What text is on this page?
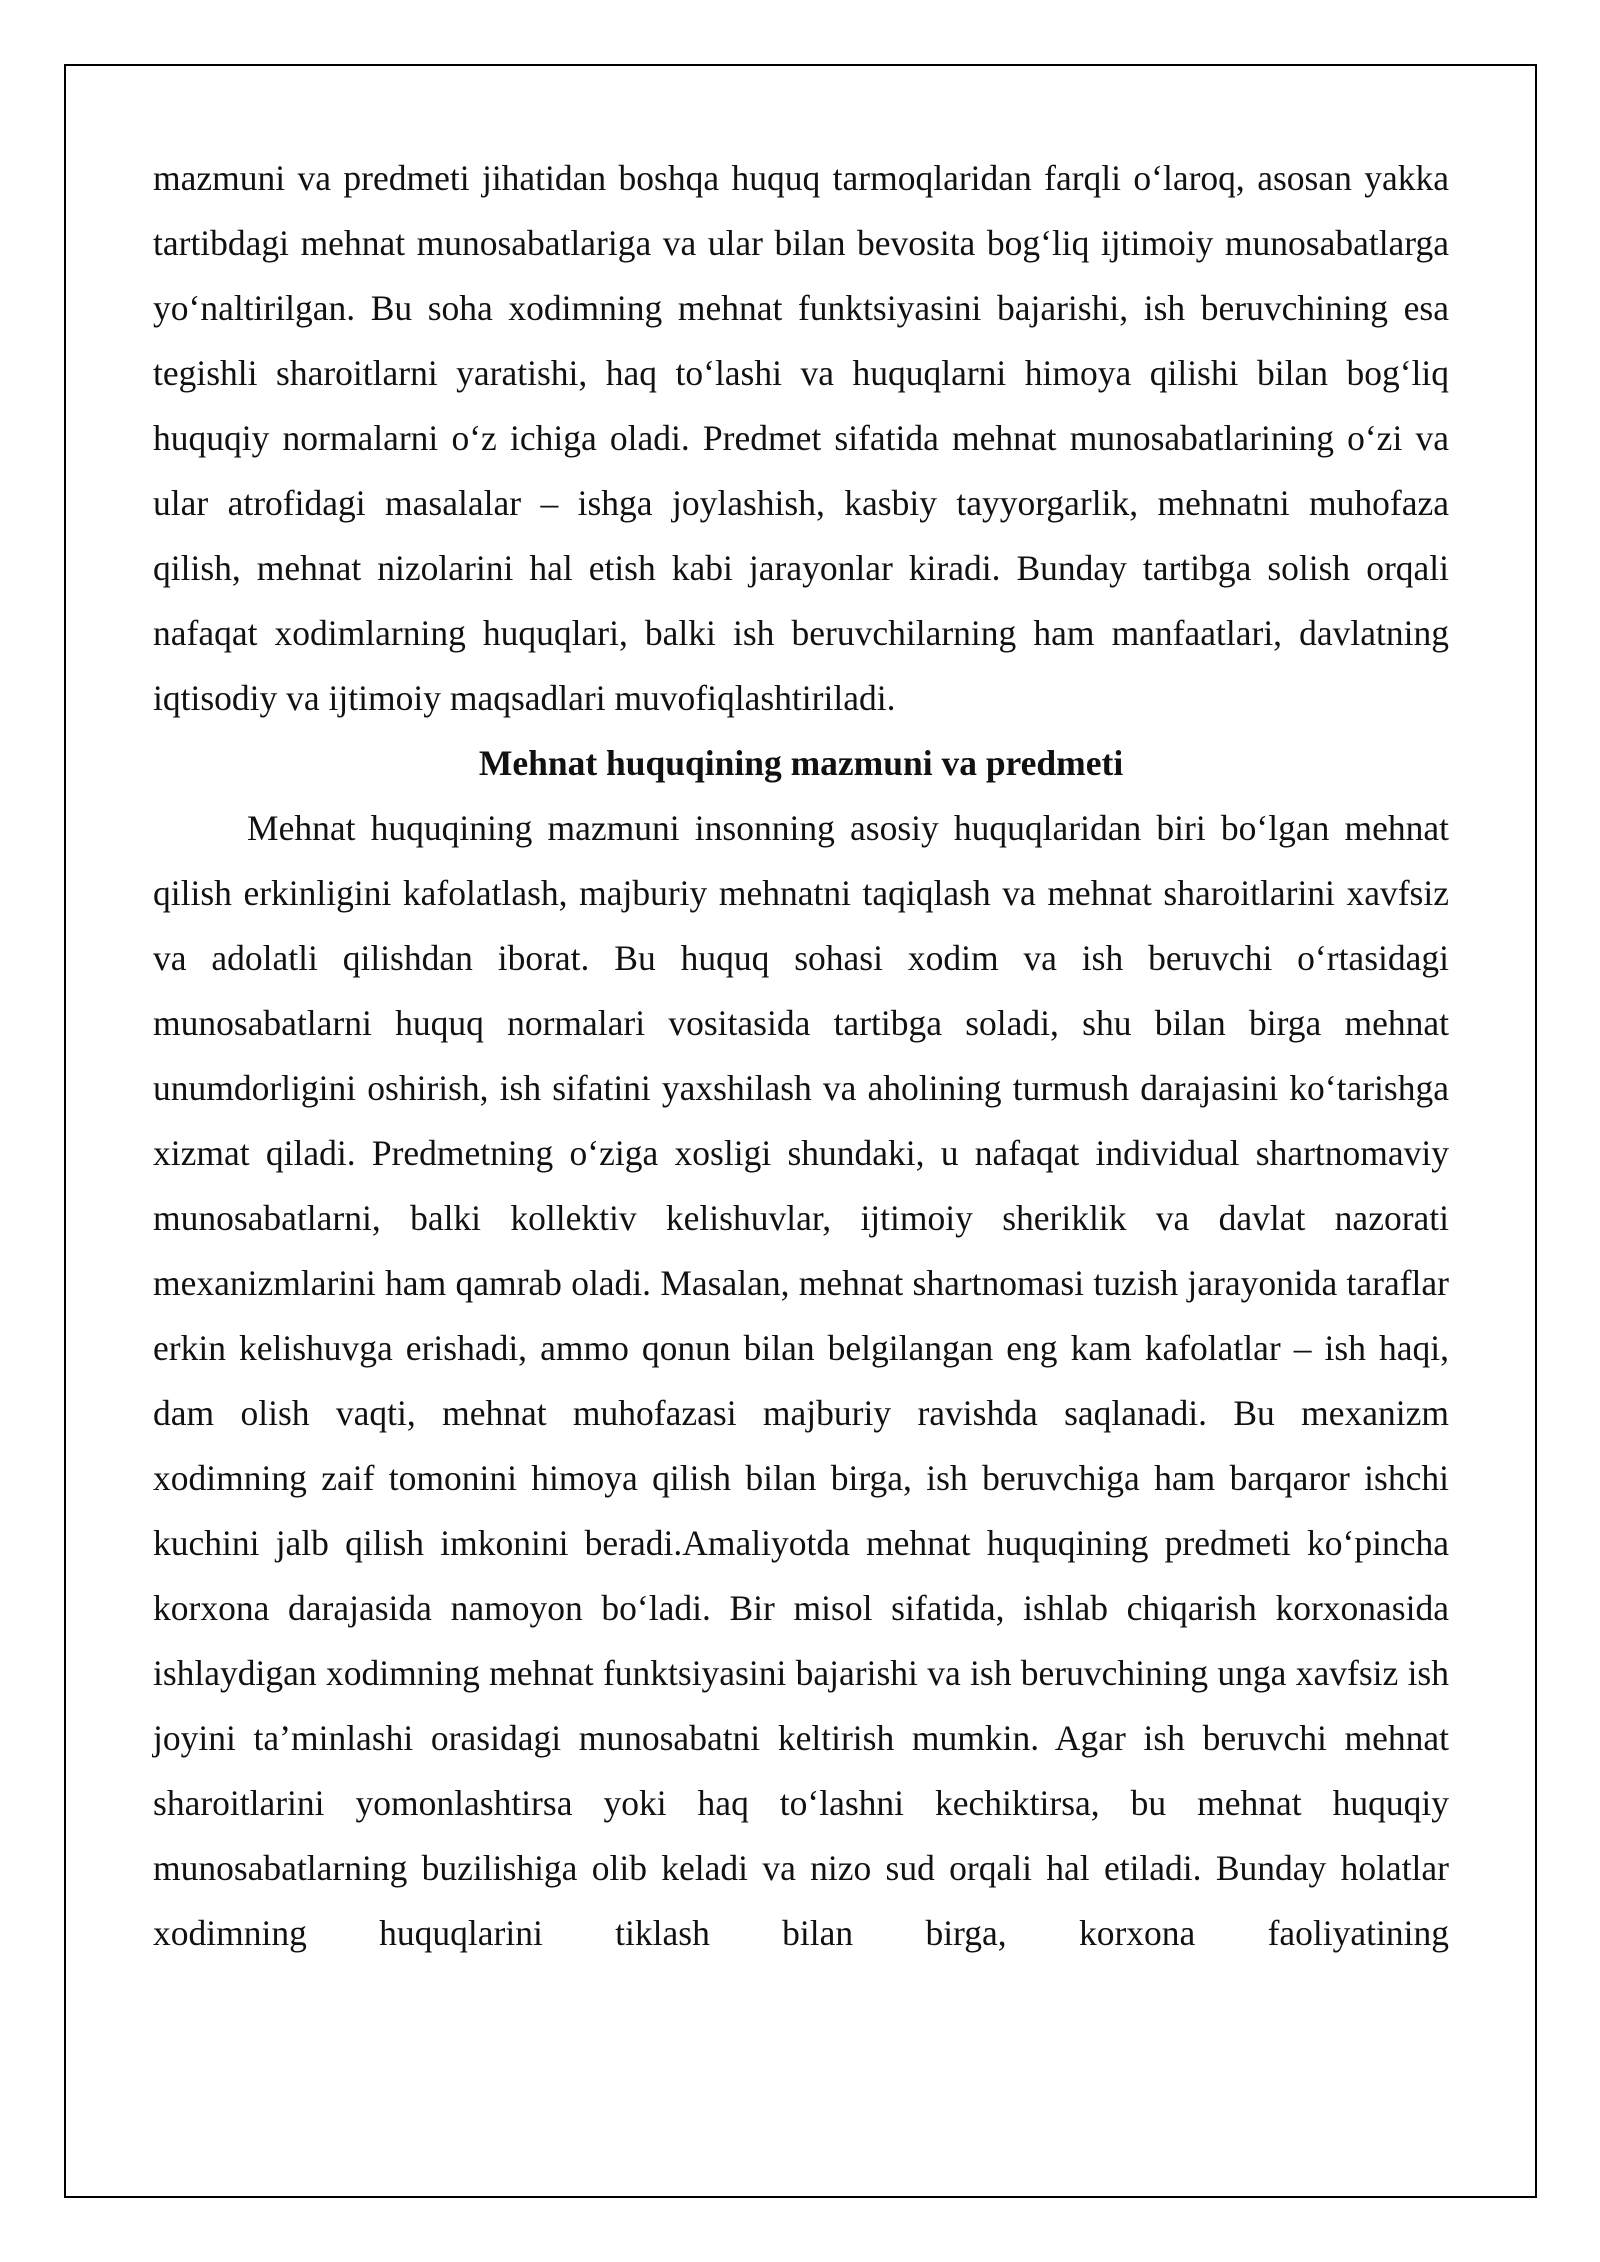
mazmuni va predmeti jihatidan boshqa huquq tarmoqlaridan farqli o‘laroq, asosan yakka tartibdagi mehnat munosabatlariga va ular bilan bevosita bog‘liq ijtimoiy munosabatlarga yo‘naltirilgan. Bu soha xodimning mehnat funktsiyasini bajarishi, ish beruvchining esa tegishli sharoitlarni yaratishi, haq to‘lashi va huquqlarni himoya qilishi bilan bog‘liq huquqiy normalarni o‘z ichiga oladi. Predmet sifatida mehnat munosabatlarining o‘zi va ular atrofidagi masalalar – ishga joylashish, kasbiy tayyorgarlik, mehnatni muhofaza qilish, mehnat nizolarini hal etish kabi jarayonlar kiradi. Bunday tartibga solish orqali nafaqat xodimlarning huquqlari, balki ish beruvchilarning ham manfaatlari, davlatning iqtisodiy va ijtimoiy maqsadlari muvofiqlashtiriladi.

Mehnat huquqining mazmuni va predmeti

Mehnat huquqining mazmuni insonning asosiy huquqlaridan biri bo‘lgan mehnat qilish erkinligini kafolatlash, majburiy mehnatni taqiqlash va mehnat sharoitlarini xavfsiz va adolatli qilishdan iborat. Bu huquq sohasi xodim va ish beruvchi o‘rtasidagi munosabatlarni huquq normalari vositasida tartibga soladi, shu bilan birga mehnat unumdorligini oshirish, ish sifatini yaxshilash va aholining turmush darajasini ko‘tarishga xizmat qiladi. Predmetning o‘ziga xosligi shundaki, u nafaqat individual shartnomaviy munosabatlarni, balki kollektiv kelishuvlar, ijtimoiy sheriklik va davlat nazorati mexanizmlarini ham qamrab oladi. Masalan, mehnat shartnomasi tuzish jarayonida taraflar erkin kelishuvga erishadi, ammo qonun bilan belgilangan eng kam kafolatlar – ish haqi, dam olish vaqti, mehnat muhofazasi majburiy ravishda saqlanadi. Bu mexanizm xodimning zaif tomonini himoya qilish bilan birga, ish beruvchiga ham barqaror ishchi kuchini jalb qilish imkonini beradi.Amaliyotda mehnat huquqining predmeti ko‘pincha korxona darajasida namoyon bo‘ladi. Bir misol sifatida, ishlab chiqarish korxonasida ishlaydigan xodimning mehnat funktsiyasini bajarishi va ish beruvchining unga xavfsiz ish joyini ta’minlashi orasidagi munosabatni keltirish mumkin. Agar ish beruvchi mehnat sharoitlarini yomonlashtirsa yoki haq to‘lashni kechiktirsa, bu mehnat huquqiy munosabatlarning buzilishiga olib keladi va nizo sud orqali hal etiladi. Bunday holatlar xodimning huquqlarini tiklash bilan birga, korxona faoliyatining
